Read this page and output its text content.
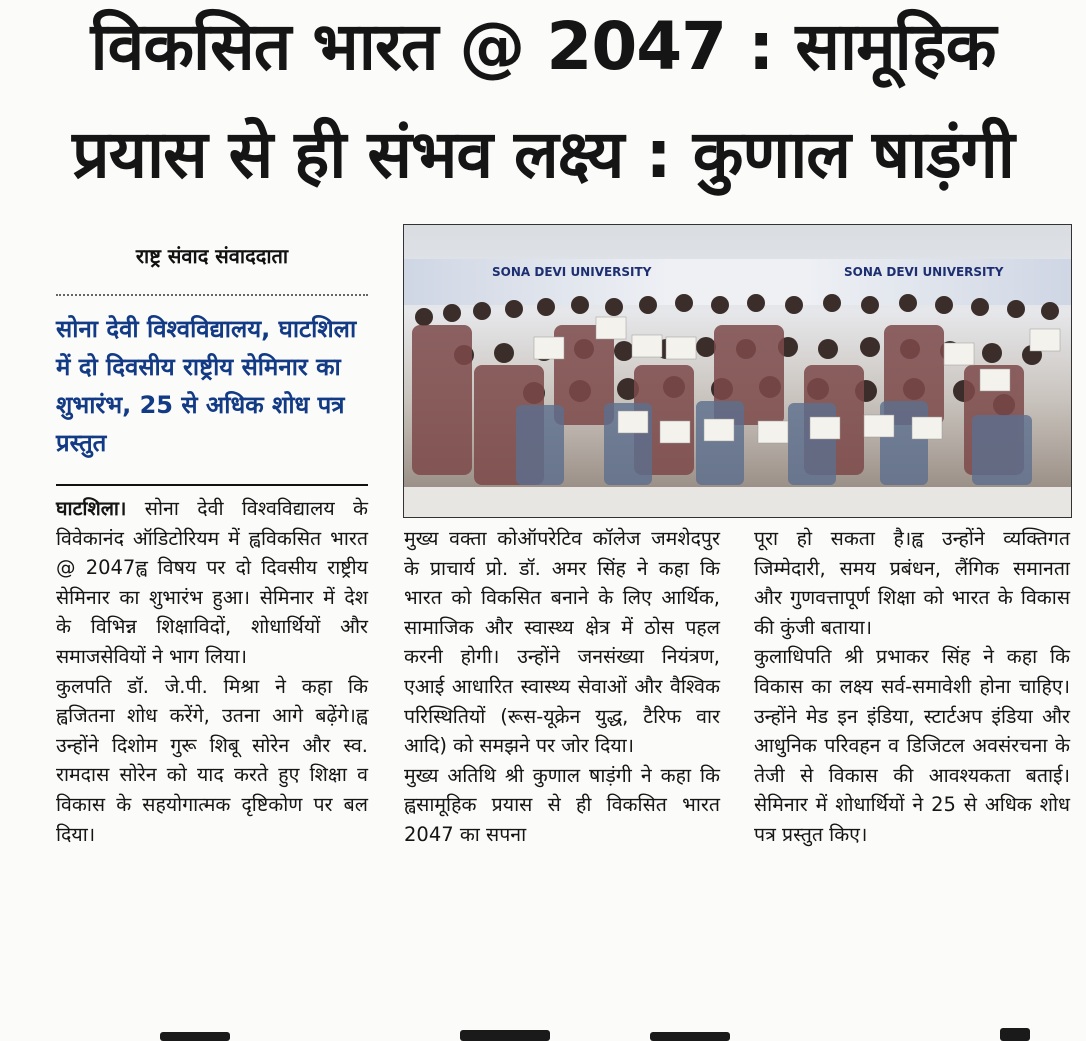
विकसित भारत @ 2047 : सामूहिक
प्रयास से ही संभव लक्ष्य : कुणाल षाड़ंगी
राष्ट्र संवाद संवाददाता
सोना देवी विश्वविद्यालय, घाटशिला में दो दिवसीय राष्ट्रीय सेमिनार का शुभारंभ, 25 से अधिक शोध पत्र प्रस्तुत
SONA DEVI UNIVERSITY	SONA DEVI UNIVERSITY

घाटशिला। सोना देवी विश्वविद्यालय के विवेकानंद ऑडिटोरियम में ह्वविकसित भारत @ 2047ह्व विषय पर दो दिवसीय राष्ट्रीय सेमिनार का शुभारंभ हुआ। सेमिनार में देश के विभिन्न शिक्षाविदों, शोधार्थियों और समाजसेवियों ने भाग लिया।

कुलपति डॉ. जे.पी. मिश्रा ने कहा कि ह्वजितना शोध करेंगे, उतना आगे बढ़ेंगे।ह्व उन्होंने दिशोम गुरू शिबू सोरेन और स्व. रामदास सोरेन को याद करते हुए शिक्षा व विकास के सहयोगात्मक दृष्टिकोण पर बल दिया।

मुख्य वक्ता कोऑपरेटिव कॉलेज जमशेदपुर के प्राचार्य प्रो. डॉ. अमर सिंह ने कहा कि भारत को विकसित बनाने के लिए आर्थिक, सामाजिक और स्वास्थ्य क्षेत्र में ठोस पहल करनी होगी। उन्होंने जनसंख्या नियंत्रण, एआई आधारित स्वास्थ्य सेवाओं और वैश्विक परिस्थितियों (रूस-यूक्रेन युद्ध, टैरिफ वार आदि) को समझने पर जोर दिया।

मुख्य अतिथि श्री कुणाल षाड़ंगी ने कहा कि ह्वसामूहिक प्रयास से ही विकसित भारत 2047 का सपना

पूरा हो सकता है।ह्व उन्होंने व्यक्तिगत जिम्मेदारी, समय प्रबंधन, लैंगिक समानता और गुणवत्तापूर्ण शिक्षा को भारत के विकास की कुंजी बताया।

कुलाधिपति श्री प्रभाकर सिंह ने कहा कि विकास का लक्ष्य सर्व-समावेशी होना चाहिए। उन्होंने मेड इन इंडिया, स्टार्टअप इंडिया और आधुनिक परिवहन व डिजिटल अवसंरचना के तेजी से विकास की आवश्यकता बताई।सेमिनार में शोधार्थियों ने 25 से अधिक शोध पत्र प्रस्तुत किए।
